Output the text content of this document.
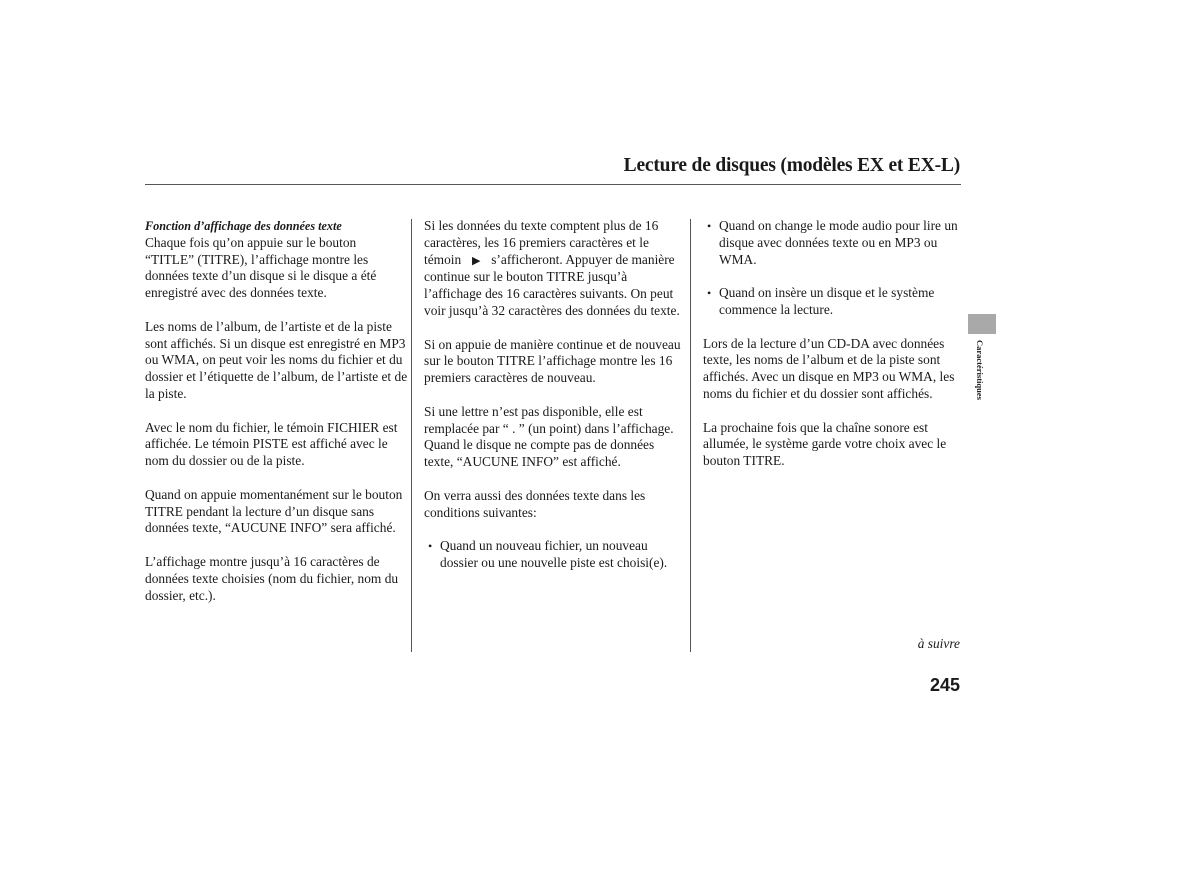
Lecture de disques (modèles EX et EX-L)
Fonction d’affichage des données texte

Chaque fois qu’on appuie sur le bouton “TITLE” (TITRE), l’affichage montre les données texte d’un disque si le disque a été enregistré avec des données texte.

Les noms de l’album, de l’artiste et de la piste sont affichés. Si un disque est enregistré en MP3 ou WMA, on peut voir les noms du fichier et du dossier et l’étiquette de l’album, de l’artiste et de la piste.

Avec le nom du fichier, le témoin FICHIER est affichée. Le témoin PISTE est affiché avec le nom du dossier ou de la piste.

Quand on appuie momentanément sur le bouton TITRE pendant la lecture d’un disque sans données texte, “AUCUNE INFO” sera affiché.

L’affichage montre jusqu’à 16 caractères de données texte choisies (nom du fichier, nom du dossier, etc.).

Si les données du texte comptent plus de 16 caractères, les 16 premiers caractères et le témoin ▶ s’afficheront. Appuyer de manière continue sur le bouton TITRE jusqu’à l’affichage des 16 caractères suivants. On peut voir jusqu’à 32 caractères des données du texte.

Si on appuie de manière continue et de nouveau sur le bouton TITRE l’affichage montre les 16 premiers caractères de nouveau.

Si une lettre n’est pas disponible, elle est remplacée par “ . ” (un point) dans l’affichage. Quand le disque ne compte pas de données texte, “AUCUNE INFO” est affiché.

On verra aussi des données texte dans les conditions suivantes:

• Quand un nouveau fichier, un nouveau dossier ou une nouvelle piste est choisi(e).

• Quand on change le mode audio pour lire un disque avec données texte ou en MP3 ou WMA.

• Quand on insère un disque et le système commence la lecture.

Lors de la lecture d’un CD-DA avec données texte, les noms de l’album et de la piste sont affichés. Avec un disque en MP3 ou WMA, les noms du fichier et du dossier sont affichés.

La prochaine fois que la chaîne sonore est allumée, le système garde votre choix avec le bouton TITRE.

Caractéristiques
à suivre
245
